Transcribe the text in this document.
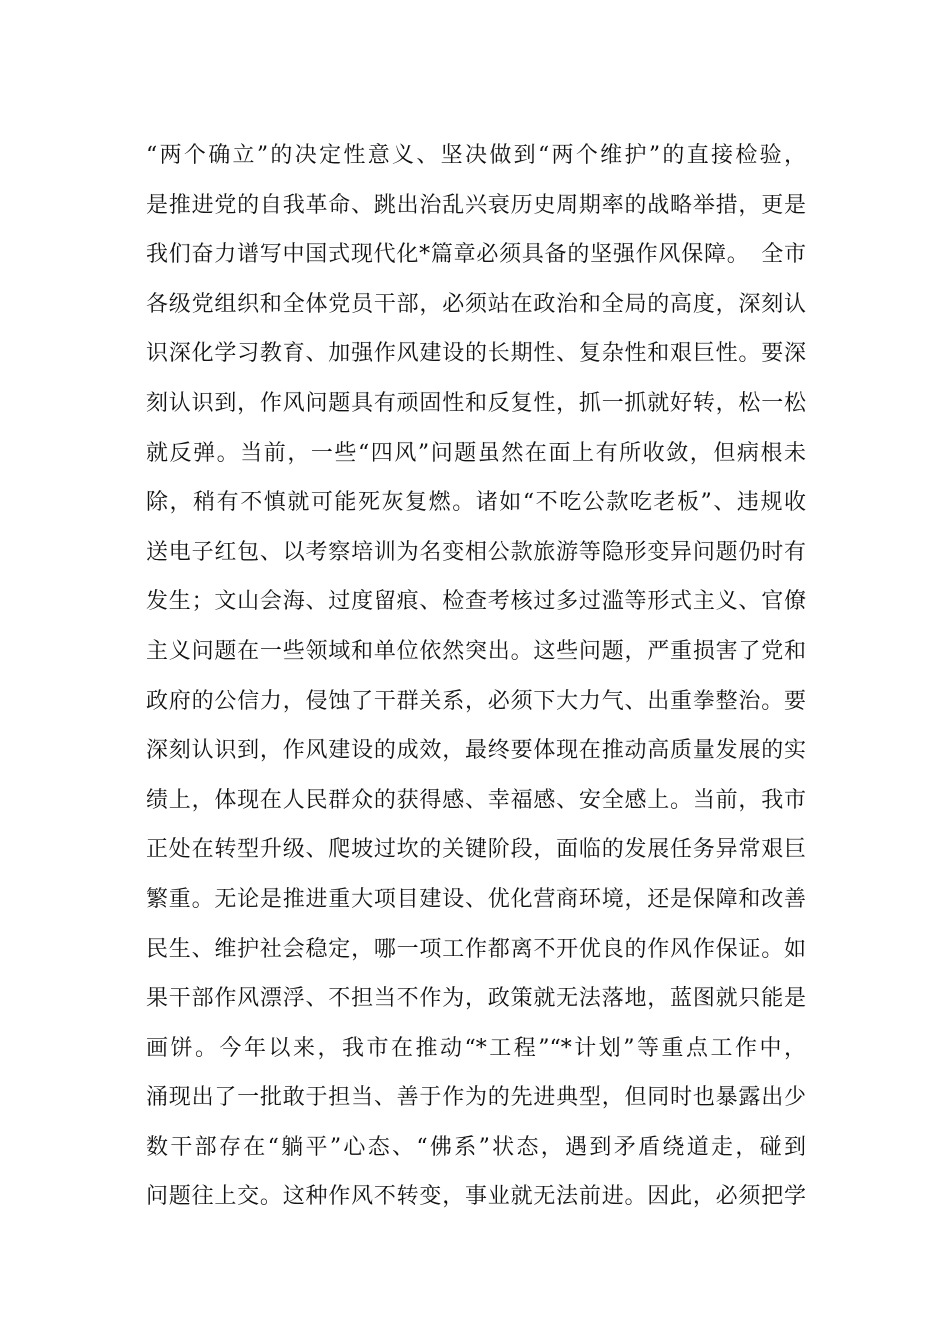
“两个确立”的决定性意义、坚决做到“两个维护”的直接检验，
是推进党的自我革命、跳出治乱兴衰历史周期率的战略举措，更是
我们奋力谱写中国式现代化*篇章必须具备的坚强作风保障。　全市
各级党组织和全体党员干部，必须站在政治和全局的高度，深刻认
识深化学习教育、加强作风建设的长期性、复杂性和艰巨性。要深
刻认识到，作风问题具有顽固性和反复性，抓一抓就好转，松一松
就反弹。当前，一些“四风”问题虽然在面上有所收敛，但病根未
除，稍有不慎就可能死灰复燃。诸如“不吃公款吃老板”、违规收
送电子红包、以考察培训为名变相公款旅游等隐形变异问题仍时有
发生；文山会海、过度留痕、检查考核过多过滥等形式主义、官僚
主义问题在一些领域和单位依然突出。这些问题，严重损害了党和
政府的公信力，侵蚀了干群关系，必须下大力气、出重拳整治。要
深刻认识到，作风建设的成效，最终要体现在推动高质量发展的实
绩上，体现在人民群众的获得感、幸福感、安全感上。当前，我市
正处在转型升级、爬坡过坎的关键阶段，面临的发展任务异常艰巨
繁重。无论是推进重大项目建设、优化营商环境，还是保障和改善
民生、维护社会稳定，哪一项工作都离不开优良的作风作保证。如
果干部作风漂浮、不担当不作为，政策就无法落地，蓝图就只能是
画饼。今年以来，我市在推动“*工程”“*计划”等重点工作中，
涌现出了一批敢于担当、善于作为的先进典型，但同时也暴露出少
数干部存在“躺平”心态、“佛系”状态，遇到矛盾绕道走，碰到
问题往上交。这种作风不转变，事业就无法前进。因此，必须把学
